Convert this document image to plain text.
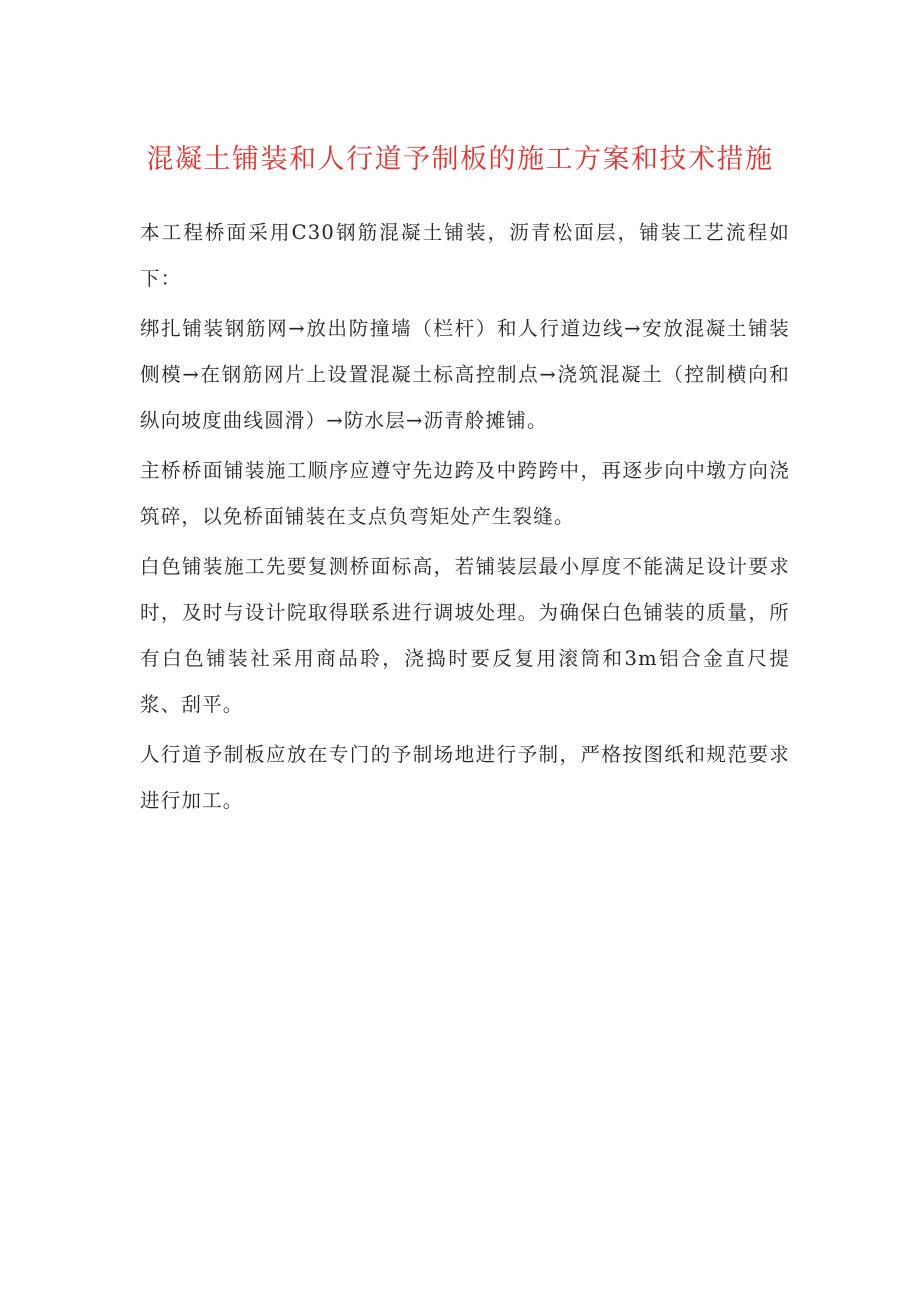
混凝土铺装和人行道予制板的施工方案和技术措施

本工程桥面采用C30钢筋混凝土铺装，沥青松面层，铺装工艺流程如下：

绑扎铺装钢筋网→放出防撞墙（栏杆）和人行道边线→安放混凝土铺装侧模→在钢筋网片上设置混凝土标高控制点→浇筑混凝土（控制横向和纵向坡度曲线圆滑）→防水层→沥青舲摊铺。

主桥桥面铺装施工顺序应遵守先边跨及中跨跨中，再逐步向中墩方向浇筑碎，以免桥面铺装在支点负弯矩处产生裂缝。

白色铺装施工先要复测桥面标高，若铺装层最小厚度不能满足设计要求时，及时与设计院取得联系进行调坡处理。为确保白色铺装的质量，所有白色铺装社采用商品聆，浇捣时要反复用滚筒和3m铝合金直尺提浆、刮平。

人行道予制板应放在专门的予制场地进行予制，严格按图纸和规范要求进行加工。
